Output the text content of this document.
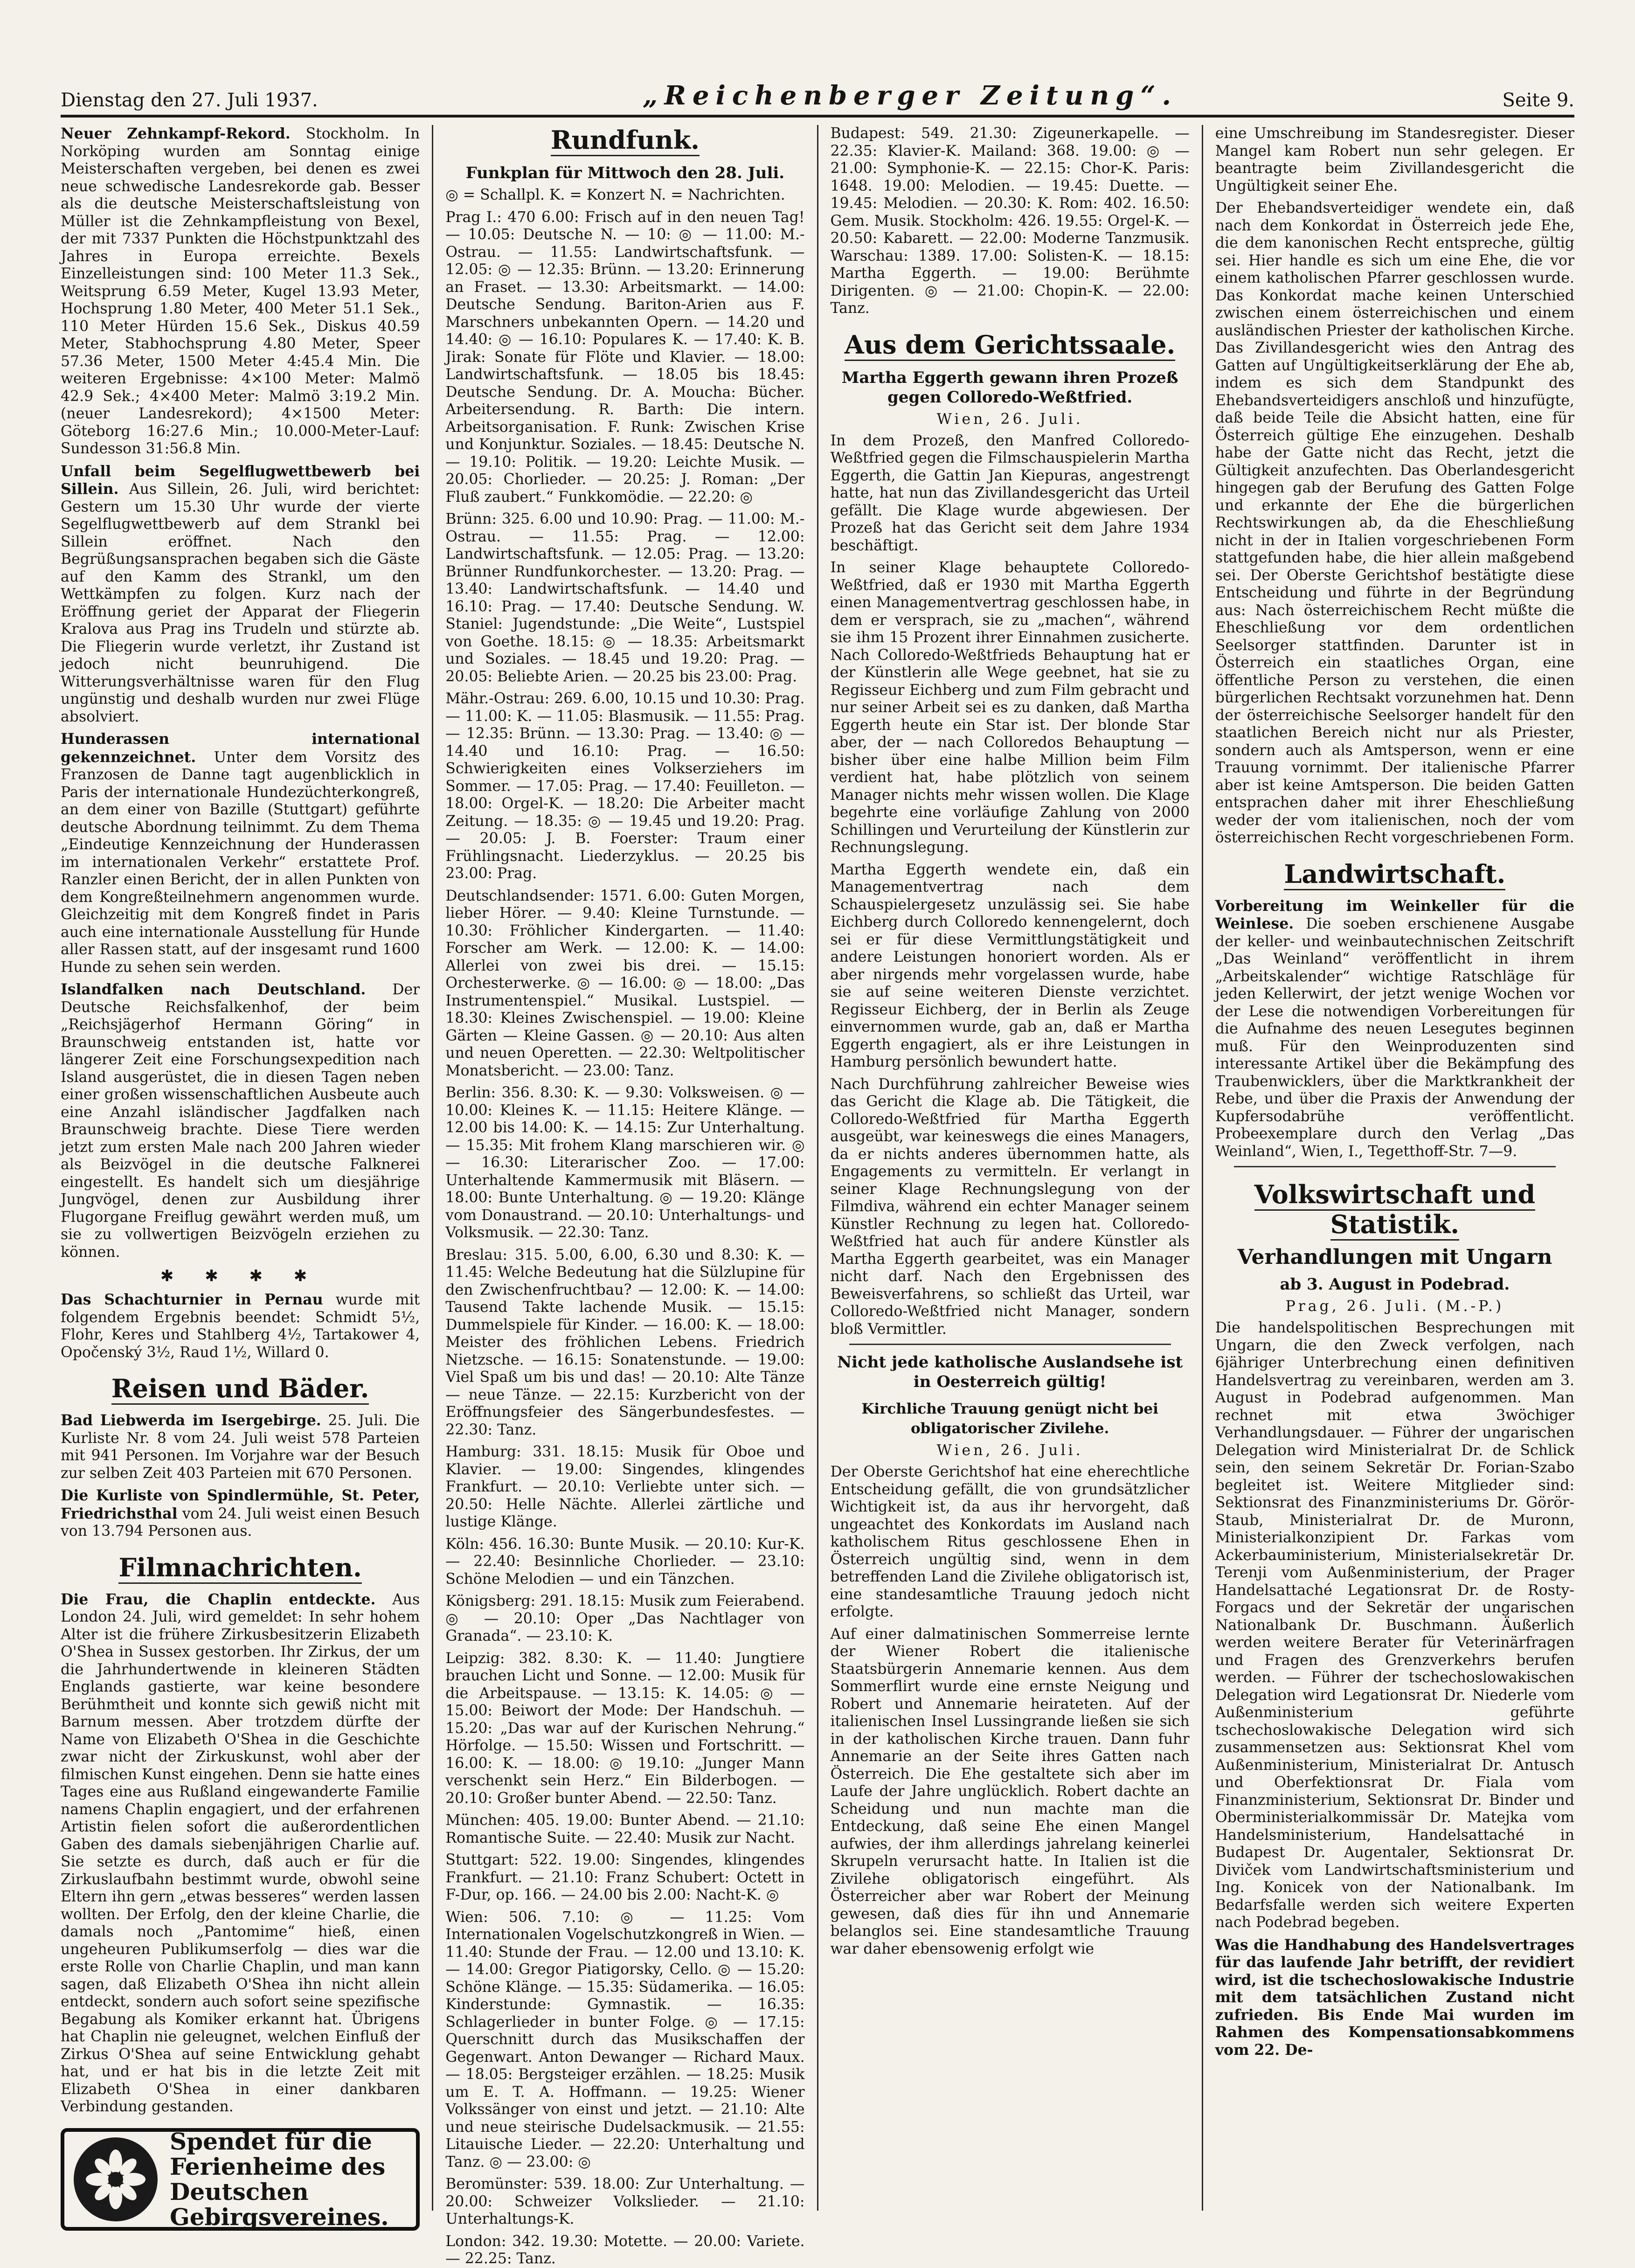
Dienstag den 27. Juli 1937.	„Reichenberger Zeitung“.	Seite 9.

Neuer Zehnkampf-Rekord. Stockholm. In Norköping wurden am Sonntag einige Meisterschaften vergeben, bei denen es zwei neue schwedische Landesrekorde gab. Besser als die deutsche Meisterschaftsleistung von Müller ist die Zehnkampfleistung von Bexel, der mit 7337 Punkten die Höchstpunktzahl des Jahres in Europa erreichte. Bexels Einzelleistungen sind: 100 Meter 11.3 Sek., Weitsprung 6.59 Meter, Kugel 13.93 Meter, Hochsprung 1.80 Meter, 400 Meter 51.1 Sek., 110 Meter Hürden 15.6 Sek., Diskus 40.59 Meter, Stabhochsprung 4.80 Meter, Speer 57.36 Meter, 1500 Meter 4:45.4 Min. Die weiteren Ergebnisse: 4×100 Meter: Malmö 42.9 Sek.; 4×400 Meter: Malmö 3:19.2 Min. (neuer Landesrekord); 4×1500 Meter: Göteborg 16:27.6 Min.; 10.000-Meter-Lauf: Sundesson 31:56.8 Min.

Unfall beim Segelflugwettbewerb bei Sillein. Aus Sillein, 26. Juli, wird berichtet: Gestern um 15.30 Uhr wurde der vierte Segelflugwettbewerb auf dem Strankl bei Sillein eröffnet. Nach den Begrüßungsansprachen begaben sich die Gäste auf den Kamm des Strankl, um den Wettkämpfen zu folgen. Kurz nach der Eröffnung geriet der Apparat der Fliegerin Kralova aus Prag ins Trudeln und stürzte ab. Die Fliegerin wurde verletzt, ihr Zustand ist jedoch nicht beunruhigend. Die Witterungsverhältnisse waren für den Flug ungünstig und deshalb wurden nur zwei Flüge absolviert.

Hunderassen international gekennzeichnet. Unter dem Vorsitz des Franzosen de Danne tagt augenblicklich in Paris der internationale Hundezüchterkongreß, an dem einer von Bazille (Stuttgart) geführte deutsche Abordnung teilnimmt. Zu dem Thema „Eindeutige Kennzeichnung der Hunderassen im internationalen Verkehr“ erstattete Prof. Ranzler einen Bericht, der in allen Punkten von dem Kongreßteilnehmern angenommen wurde. Gleichzeitig mit dem Kongreß findet in Paris auch eine internationale Ausstellung für Hunde aller Rassen statt, auf der insgesamt rund 1600 Hunde zu sehen sein werden.

Islandfalken nach Deutschland. Der Deutsche Reichsfalkenhof, der beim „Reichsjägerhof Hermann Göring“ in Braunschweig entstanden ist, hatte vor längerer Zeit eine Forschungsexpedition nach Island ausgerüstet, die in diesen Tagen neben einer großen wissenschaftlichen Ausbeute auch eine Anzahl isländischer Jagdfalken nach Braunschweig brachte. Diese Tiere werden jetzt zum ersten Male nach 200 Jahren wieder als Beizvögel in die deutsche Falknerei eingestellt. Es handelt sich um diesjährige Jungvögel, denen zur Ausbildung ihrer Flugorgane Freiflug gewährt werden muß, um sie zu vollwertigen Beizvögeln erziehen zu können.

✱ ✱ ✱ ✱

Das Schachturnier in Pernau wurde mit folgendem Ergebnis beendet: Schmidt 5½, Flohr, Keres und Stahlberg 4½, Tartakower 4, Opočenský 3½, Raud 1½, Willard 0.

Reisen und Bäder.

Bad Liebwerda im Isergebirge. 25. Juli. Die Kurliste Nr. 8 vom 24. Juli weist 578 Parteien mit 941 Personen. Im Vorjahre war der Besuch zur selben Zeit 403 Parteien mit 670 Personen.

Die Kurliste von Spindlermühle, St. Peter, Friedrichsthal vom 24. Juli weist einen Besuch von 13.794 Personen aus.

Filmnachrichten.

Die Frau, die Chaplin entdeckte. Aus London 24. Juli, wird gemeldet: In sehr hohem Alter ist die frühere Zirkusbesitzerin Elizabeth O'Shea in Sussex gestorben. Ihr Zirkus, der um die Jahrhundertwende in kleineren Städten Englands gastierte, war keine besondere Berühmtheit und konnte sich gewiß nicht mit Barnum messen. Aber trotzdem dürfte der Name von Elizabeth O'Shea in die Geschichte zwar nicht der Zirkuskunst, wohl aber der filmischen Kunst eingehen. Denn sie hatte eines Tages eine aus Rußland eingewanderte Familie namens Chaplin engagiert, und der erfahrenen Artistin fielen sofort die außerordentlichen Gaben des damals siebenjährigen Charlie auf. Sie setzte es durch, daß auch er für die Zirkuslaufbahn bestimmt wurde, obwohl seine Eltern ihn gern „etwas besseres“ werden lassen wollten. Der Erfolg, den der kleine Charlie, die damals noch „Pantomime“ hieß, einen ungeheuren Publikumserfolg — dies war die erste Rolle von Charlie Chaplin, und man kann sagen, daß Elizabeth O'Shea ihn nicht allein entdeckt, sondern auch sofort seine spezifische Begabung als Komiker erkannt hat. Übrigens hat Chaplin nie geleugnet, welchen Einfluß der Zirkus O'Shea auf seine Entwicklung gehabt hat, und er hat bis in die letzte Zeit mit Elizabeth O'Shea in einer dankbaren Verbindung gestanden.

Spendet für die Ferienheime des Deutschen Gebirgsvereines.
Rundfunk.
Funkplan für Mittwoch den 28. Juli.

◎ = Schallpl. K. = Konzert N. = Nachrichten.

Prag I.: 470 6.00: Frisch auf in den neuen Tag! — 10.05: Deutsche N. — 10: ◎ — 11.00: M.-Ostrau. — 11.55: Landwirtschaftsfunk. — 12.05: ◎ — 12.35: Brünn. — 13.20: Erinnerung an Fraset. — 13.30: Arbeitsmarkt. — 14.00: Deutsche Sendung. Bariton-Arien aus F. Marschners unbekannten Opern. — 14.20 und 14.40: ◎ — 16.10: Populares K. — 17.40: K. B. Jirak: Sonate für Flöte und Klavier. — 18.00: Landwirtschaftsfunk. — 18.05 bis 18.45: Deutsche Sendung. Dr. A. Moucha: Bücher. Arbeitersendung. R. Barth: Die intern. Arbeitsorganisation. F. Runk: Zwischen Krise und Konjunktur. Soziales. — 18.45: Deutsche N. — 19.10: Politik. — 19.20: Leichte Musik. — 20.05: Chorlieder. — 20.25: J. Roman: „Der Fluß zaubert.“ Funkkomödie. — 22.20: ◎

Brünn: 325. 6.00 und 10.90: Prag. — 11.00: M.-Ostrau. — 11.55: Prag. — 12.00: Landwirtschaftsfunk. — 12.05: Prag. — 13.20: Brünner Rundfunkorchester. — 13.20: Prag. — 13.40: Landwirtschaftsfunk. — 14.40 und 16.10: Prag. — 17.40: Deutsche Sendung. W. Staniel: Jugendstunde: „Die Weite“, Lustspiel von Goethe. 18.15: ◎ — 18.35: Arbeitsmarkt und Soziales. — 18.45 und 19.20: Prag. — 20.05: Beliebte Arien. — 20.25 bis 23.00: Prag.

Mähr.-Ostrau: 269. 6.00, 10.15 und 10.30: Prag. — 11.00: K. — 11.05: Blasmusik. — 11.55: Prag. — 12.35: Brünn. — 13.30: Prag. — 13.40: ◎ — 14.40 und 16.10: Prag. — 16.50: Schwierigkeiten eines Volkserziehers im Sommer. — 17.05: Prag. — 17.40: Feuilleton. — 18.00: Orgel-K. — 18.20: Die Arbeiter macht Zeitung. — 18.35: ◎ — 19.45 und 19.20: Prag. — 20.05: J. B. Foerster: Traum einer Frühlingsnacht. Liederzyklus. — 20.25 bis 23.00: Prag.

Deutschlandsender: 1571. 6.00: Guten Morgen, lieber Hörer. — 9.40: Kleine Turnstunde. — 10.30: Fröhlicher Kindergarten. — 11.40: Forscher am Werk. — 12.00: K. — 14.00: Allerlei von zwei bis drei. — 15.15: Orchesterwerke. ◎ — 16.00: ◎ — 18.00: „Das Instrumentenspiel.“ Musikal. Lustspiel. — 18.30: Kleines Zwischenspiel. — 19.00: Kleine Gärten — Kleine Gassen. ◎ — 20.10: Aus alten und neuen Operetten. — 22.30: Weltpolitischer Monatsbericht. — 23.00: Tanz.

Berlin: 356. 8.30: K. — 9.30: Volksweisen. ◎ — 10.00: Kleines K. — 11.15: Heitere Klänge. — 12.00 bis 14.00: K. — 14.15: Zur Unterhaltung. — 15.35: Mit frohem Klang marschieren wir. ◎ — 16.30: Literarischer Zoo. — 17.00: Unterhaltende Kammermusik mit Bläsern. — 18.00: Bunte Unterhaltung. ◎ — 19.20: Klänge vom Donaustrand. — 20.10: Unterhaltungs- und Volksmusik. — 22.30: Tanz.

Breslau: 315. 5.00, 6.00, 6.30 und 8.30: K. — 11.45: Welche Bedeutung hat die Sülzlupine für den Zwischenfruchtbau? — 12.00: K. — 14.00: Tausend Takte lachende Musik. — 15.15: Dummelspiele für Kinder. — 16.00: K. — 18.00: Meister des fröhlichen Lebens. Friedrich Nietzsche. — 16.15: Sonatenstunde. — 19.00: Viel Spaß um bis und das! — 20.10: Alte Tänze — neue Tänze. — 22.15: Kurzbericht von der Eröffnungsfeier des Sängerbundesfestes. — 22.30: Tanz.

Hamburg: 331. 18.15: Musik für Oboe und Klavier. — 19.00: Singendes, klingendes Frankfurt. — 20.10: Verliebte unter sich. — 20.50: Helle Nächte. Allerlei zärtliche und lustige Klänge.

Köln: 456. 16.30: Bunte Musik. — 20.10: Kur-K. — 22.40: Besinnliche Chorlieder. — 23.10: Schöne Melodien — und ein Tänzchen.

Königsberg: 291. 18.15: Musik zum Feierabend. ◎ — 20.10: Oper „Das Nachtlager von Granada“. — 23.10: K.

Leipzig: 382. 8.30: K. — 11.40: Jungtiere brauchen Licht und Sonne. — 12.00: Musik für die Arbeitspause. — 13.15: K. 14.05: ◎ — 15.00: Beiwort der Mode: Der Handschuh. — 15.20: „Das war auf der Kurischen Nehrung.“ Hörfolge. — 15.50: Wissen und Fortschritt. — 16.00: K. — 18.00: ◎ 19.10: „Junger Mann verschenkt sein Herz.“ Ein Bilderbogen. — 20.10: Großer bunter Abend. — 22.50: Tanz.

München: 405. 19.00: Bunter Abend. — 21.10: Romantische Suite. — 22.40: Musik zur Nacht.

Stuttgart: 522. 19.00: Singendes, klingendes Frankfurt. — 21.10: Franz Schubert: Octett in F-Dur, op. 166. — 24.00 bis 2.00: Nacht-K. ◎

Wien: 506. 7.10: ◎ — 11.25: Vom Internationalen Vogelschutzkongreß in Wien. — 11.40: Stunde der Frau. — 12.00 und 13.10: K. — 14.00: Gregor Piatigorsky, Cello. ◎ — 15.20: Schöne Klänge. — 15.35: Südamerika. — 16.05: Kinderstunde: Gymnastik. — 16.35: Schlagerlieder in bunter Folge. ◎ — 17.15: Querschnitt durch das Musikschaffen der Gegenwart. Anton Dewanger — Richard Maux. — 18.05: Bergsteiger erzählen. — 18.25: Musik um E. T. A. Hoffmann. — 19.25: Wiener Volkssänger von einst und jetzt. — 21.10: Alte und neue steirische Dudelsackmusik. — 21.55: Litauische Lieder. — 22.20: Unterhaltung und Tanz. ◎ — 23.00: ◎

Beromünster: 539. 18.00: Zur Unterhaltung. — 20.00: Schweizer Volkslieder. — 21.10: Unterhaltungs-K.

London: 342. 19.30: Motette. — 20.00: Variete. — 22.25: Tanz.

Budapest: 549. 21.30: Zigeunerkapelle. — 22.35: Klavier-K. Mailand: 368. 19.00: ◎ — 21.00: Symphonie-K. — 22.15: Chor-K. Paris: 1648. 19.00: Melodien. — 19.45: Duette. — 19.45: Melodien. — 20.30: K. Rom: 402. 16.50: Gem. Musik. Stockholm: 426. 19.55: Orgel-K. — 20.50: Kabarett. — 22.00: Moderne Tanzmusik. Warschau: 1389. 17.00: Solisten-K. — 18.15: Martha Eggerth. — 19.00: Berühmte Dirigenten. ◎ — 21.00: Chopin-K. — 22.00: Tanz.

Aus dem Gerichtssaale.
Martha Eggerth gewann ihren Prozeß gegen Colloredo-Weßtfried.
Wien, 26. Juli.

In dem Prozeß, den Manfred Colloredo-Weßtfried gegen die Filmschauspielerin Martha Eggerth, die Gattin Jan Kiepuras, angestrengt hatte, hat nun das Zivillandesgericht das Urteil gefällt. Die Klage wurde abgewiesen. Der Prozeß hat das Gericht seit dem Jahre 1934 beschäftigt.

In seiner Klage behauptete Colloredo-Weßtfried, daß er 1930 mit Martha Eggerth einen Managementvertrag geschlossen habe, in dem er versprach, sie zu „machen“, während sie ihm 15 Prozent ihrer Einnahmen zusicherte. Nach Colloredo-Weßtfrieds Behauptung hat er der Künstlerin alle Wege geebnet, hat sie zu Regisseur Eichberg und zum Film gebracht und nur seiner Arbeit sei es zu danken, daß Martha Eggerth heute ein Star ist. Der blonde Star aber, der — nach Colloredos Behauptung — bisher über eine halbe Million beim Film verdient hat, habe plötzlich von seinem Manager nichts mehr wissen wollen. Die Klage begehrte eine vorläufige Zahlung von 2000 Schillingen und Verurteilung der Künstlerin zur Rechnungslegung.

Martha Eggerth wendete ein, daß ein Managementvertrag nach dem Schauspielergesetz unzulässig sei. Sie habe Eichberg durch Colloredo kennengelernt, doch sei er für diese Vermittlungstätigkeit und andere Leistungen honoriert worden. Als er aber nirgends mehr vorgelassen wurde, habe sie auf seine weiteren Dienste verzichtet. Regisseur Eichberg, der in Berlin als Zeuge einvernommen wurde, gab an, daß er Martha Eggerth engagiert, als er ihre Leistungen in Hamburg persönlich bewundert hatte.

Nach Durchführung zahlreicher Beweise wies das Gericht die Klage ab. Die Tätigkeit, die Colloredo-Weßtfried für Martha Eggerth ausgeübt, war keineswegs die eines Managers, da er nichts anderes übernommen hatte, als Engagements zu vermitteln. Er verlangt in seiner Klage Rechnungslegung von der Filmdiva, während ein echter Manager seinem Künstler Rechnung zu legen hat. Colloredo-Weßtfried hat auch für andere Künstler als Martha Eggerth gearbeitet, was ein Manager nicht darf. Nach den Ergebnissen des Beweisverfahrens, so schließt das Urteil, war Colloredo-Weßtfried nicht Manager, sondern bloß Vermittler.

Nicht jede katholische Auslandsehe ist in Oesterreich gültig!
Kirchliche Trauung genügt nicht bei obligatorischer Zivilehe.
Wien, 26. Juli.

Der Oberste Gerichtshof hat eine eherechtliche Entscheidung gefällt, die von grundsätzlicher Wichtigkeit ist, da aus ihr hervorgeht, daß ungeachtet des Konkordats im Ausland nach katholischem Ritus geschlossene Ehen in Österreich ungültig sind, wenn in dem betreffenden Land die Zivilehe obligatorisch ist, eine standesamtliche Trauung jedoch nicht erfolgte.

Auf einer dalmatinischen Sommerreise lernte der Wiener Robert die italienische Staatsbürgerin Annemarie kennen. Aus dem Sommerflirt wurde eine ernste Neigung und Robert und Annemarie heirateten. Auf der italienischen Insel Lussingrande ließen sie sich in der katholischen Kirche trauen. Dann fuhr Annemarie an der Seite ihres Gatten nach Österreich. Die Ehe gestaltete sich aber im Laufe der Jahre unglücklich. Robert dachte an Scheidung und nun machte man die Entdeckung, daß seine Ehe einen Mangel aufwies, der ihm allerdings jahrelang keinerlei Skrupeln verursacht hatte. In Italien ist die Zivilehe obligatorisch eingeführt. Als Österreicher aber war Robert der Meinung gewesen, daß dies für ihn und Annemarie belanglos sei. Eine standesamtliche Trauung war daher ebensowenig erfolgt wie

eine Umschreibung im Standesregister. Dieser Mangel kam Robert nun sehr gelegen. Er beantragte beim Zivillandesgericht die Ungültigkeit seiner Ehe.

Der Ehebandsverteidiger wendete ein, daß nach dem Konkordat in Österreich jede Ehe, die dem kanonischen Recht entspreche, gültig sei. Hier handle es sich um eine Ehe, die vor einem katholischen Pfarrer geschlossen wurde. Das Konkordat mache keinen Unterschied zwischen einem österreichischen und einem ausländischen Priester der katholischen Kirche. Das Zivillandesgericht wies den Antrag des Gatten auf Ungültigkeitserklärung der Ehe ab, indem es sich dem Standpunkt des Ehebandsverteidigers anschloß und hinzufügte, daß beide Teile die Absicht hatten, eine für Österreich gültige Ehe einzugehen. Deshalb habe der Gatte nicht das Recht, jetzt die Gültigkeit anzufechten. Das Oberlandesgericht hingegen gab der Berufung des Gatten Folge und erkannte der Ehe die bürgerlichen Rechtswirkungen ab, da die Eheschließung nicht in der in Italien vorgeschriebenen Form stattgefunden habe, die hier allein maßgebend sei. Der Oberste Gerichtshof bestätigte diese Entscheidung und führte in der Begründung aus: Nach österreichischem Recht müßte die Eheschließung vor dem ordentlichen Seelsorger stattfinden. Darunter ist in Österreich ein staatliches Organ, eine öffentliche Person zu verstehen, die einen bürgerlichen Rechtsakt vorzunehmen hat. Denn der österreichische Seelsorger handelt für den staatlichen Bereich nicht nur als Priester, sondern auch als Amtsperson, wenn er eine Trauung vornimmt. Der italienische Pfarrer aber ist keine Amtsperson. Die beiden Gatten entsprachen daher mit ihrer Eheschließung weder der vom italienischen, noch der vom österreichischen Recht vorgeschriebenen Form.

Landwirtschaft.

Vorbereitung im Weinkeller für die Weinlese. Die soeben erschienene Ausgabe der keller- und weinbautechnischen Zeitschrift „Das Weinland“ veröffentlicht in ihrem „Arbeitskalender“ wichtige Ratschläge für jeden Kellerwirt, der jetzt wenige Wochen vor der Lese die notwendigen Vorbereitungen für die Aufnahme des neuen Lesegutes beginnen muß. Für den Weinproduzenten sind interessante Artikel über die Bekämpfung des Traubenwicklers, über die Marktkrankheit der Rebe, und über die Praxis der Anwendung der Kupfersodabrühe veröffentlicht. Probeexemplare durch den Verlag „Das Weinland“, Wien, I., Tegetthoff-Str. 7—9.

Volkswirtschaft und Statistik.
Verhandlungen mit Ungarn
ab 3. August in Podebrad.
Prag, 26. Juli. (M.-P.)

Die handelspolitischen Besprechungen mit Ungarn, die den Zweck verfolgen, nach 6jähriger Unterbrechung einen definitiven Handelsvertrag zu vereinbaren, werden am 3. August in Podebrad aufgenommen. Man rechnet mit etwa 3wöchiger Verhandlungsdauer. — Führer der ungarischen Delegation wird Ministerialrat Dr. de Schlick sein, den seinem Sekretär Dr. Forian-Szabo begleitet ist. Weitere Mitglieder sind: Sektionsrat des Finanzministeriums Dr. Görör-Staub, Ministerialrat Dr. de Muronn, Ministerialkonzipient Dr. Farkas vom Ackerbauministerium, Ministerialsekretär Dr. Terenji vom Außenministerium, der Prager Handelsattaché Legationsrat Dr. de Rosty-Forgacs und der Sekretär der ungarischen Nationalbank Dr. Buschmann. Äußerlich werden weitere Berater für Veterinärfragen und Fragen des Grenzverkehrs berufen werden. — Führer der tschechoslowakischen Delegation wird Legationsrat Dr. Niederle vom Außenministerium geführte tschechoslowakische Delegation wird sich zusammensetzen aus: Sektionsrat Khel vom Außenministerium, Ministerialrat Dr. Antusch und Oberfektionsrat Dr. Fiala vom Finanzministerium, Sektionsrat Dr. Binder und Oberministerialkommissär Dr. Matejka vom Handelsministerium, Handelsattaché in Budapest Dr. Augentaler, Sektionsrat Dr. Diviček vom Landwirtschaftsministerium und Ing. Konicek von der Nationalbank. Im Bedarfsfalle werden sich weitere Experten nach Podebrad begeben.

Was die Handhabung des Handelsvertrages für das laufende Jahr betrifft, der revidiert wird, ist die tschechoslowakische Industrie mit dem tatsächlichen Zustand nicht zufrieden. Bis Ende Mai wurden im Rahmen des Kompensationsabkommens vom 22. De-
